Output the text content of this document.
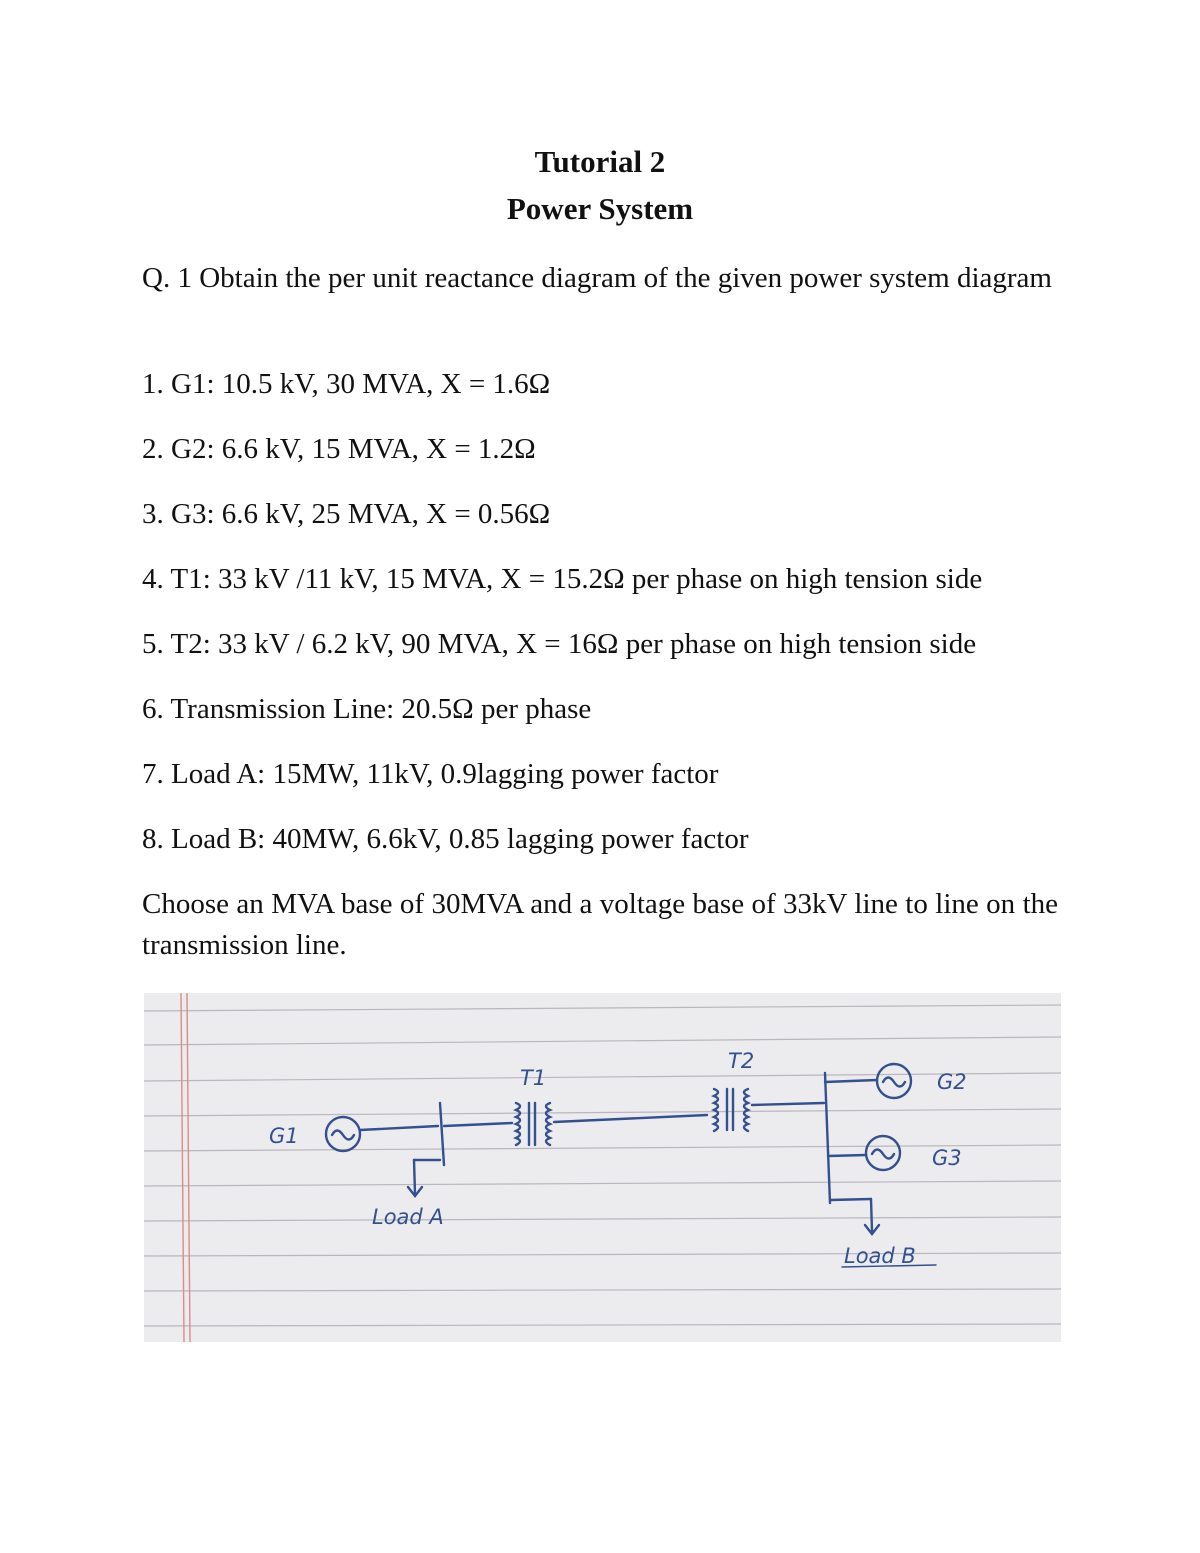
Tutorial 2
Power System
Q. 1 Obtain the per unit reactance diagram of the given power system diagram
1. G1: 10.5 kV, 30 MVA, X = 1.6Ω
2. G2: 6.6 kV, 15 MVA, X = 1.2Ω
3. G3: 6.6 kV, 25 MVA, X = 0.56Ω
4. T1: 33 kV /11 kV, 15 MVA, X = 15.2Ω per phase on high tension side
5. T2: 33 kV / 6.2 kV, 90 MVA, X = 16Ω per phase on high tension side
6. Transmission Line: 20.5Ω per phase
7. Load A: 15MW, 11kV, 0.9lagging power factor
8. Load B: 40MW, 6.6kV, 0.85 lagging power factor
Choose an MVA base of 30MVA and a voltage base of 33kV line to line on the transmission line.
G1
T1
T2
G2
G3
Load A
Load B
